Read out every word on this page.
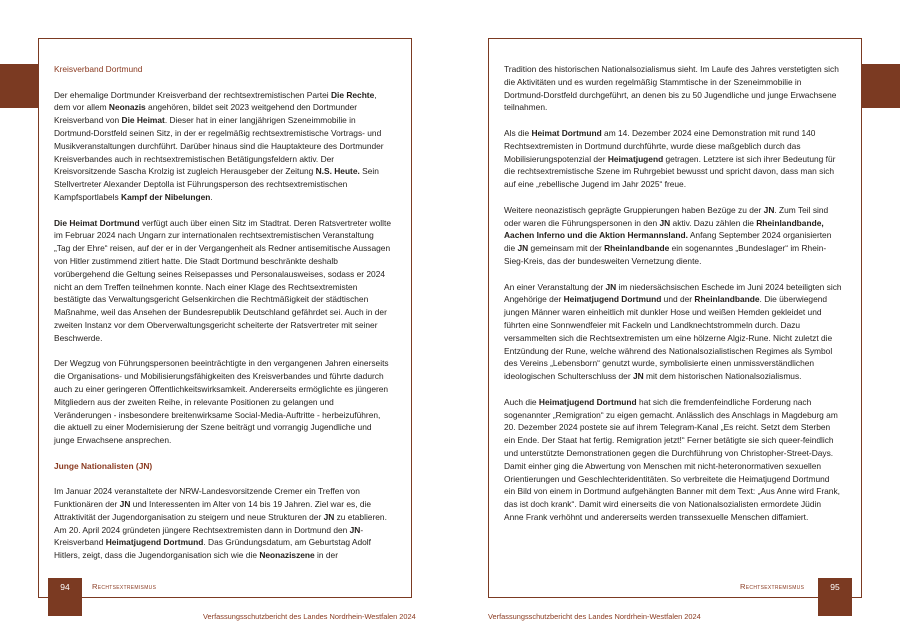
Kreisverband Dortmund

Der ehemalige Dortmunder Kreisverband der rechtsextremistischen Partei Die Rechte, dem vor allem Neonazis angehören, bildet seit 2023 weitgehend den Dortmunder Kreisverband von Die Heimat. Dieser hat in einer langjährigen Szeneimmobilie in Dortmund-Dorstfeld seinen Sitz, in der er regelmäßig rechtsextremistische Vortrags- und Musikveranstaltungen durchführt. Darüber hinaus sind die Hauptakteure des Dortmunder Kreisverbandes auch in rechtsextremistischen Betätigungsfeldern aktiv. Der Kreisvorsitzende Sascha Krolzig ist zugleich Herausgeber der Zeitung N.S. Heute. Sein Stellvertreter Alexander Deptolla ist Führungsperson des rechtsextremistischen Kampfsportlabels Kampf der Nibelungen.

Die Heimat Dortmund verfügt auch über einen Sitz im Stadtrat. Deren Ratsvertreter wollte im Februar 2024 nach Ungarn zur internationalen rechtsextremistischen Veranstaltung „Tag der Ehre“ reisen, auf der er in der Vergangenheit als Redner antisemitische Aussagen von Hitler zustimmend zitiert hatte. Die Stadt Dortmund beschränkte deshalb vorübergehend die Geltung seines Reisepasses und Personalausweises, sodass er 2024 nicht an dem Treffen teilnehmen konnte. Nach einer Klage des Rechtsextremisten bestätigte das Verwaltungsgericht Gelsenkirchen die Rechtmäßigkeit der städtischen Maßnahme, weil das Ansehen der Bundesrepublik Deutschland gefährdet sei. Auch in der zweiten Instanz vor dem Oberverwaltungsgericht scheiterte der Ratsvertreter mit seiner Beschwerde.

Der Wegzug von Führungspersonen beeinträchtigte in den vergangenen Jahren einerseits die Organisations- und Mobilisierungsfähigkeiten des Kreisverbandes und führte dadurch auch zu einer geringeren Öffentlichkeitswirksamkeit. Andererseits ermöglichte es jüngeren Mitgliedern aus der zweiten Reihe, in relevante Positionen zu gelangen und Veränderungen - insbesondere breitenwirksame Social-Media-Auftritte - herbeizuführen, die aktuell zu einer Modernisierung der Szene beiträgt und vorrangig Jugendliche und junge Erwachsene ansprechen.

Junge Nationalisten (JN)

Im Januar 2024 veranstaltete der NRW-Landesvorsitzende Cremer ein Treffen von Funktionären der JN und Interessenten im Alter von 14 bis 19 Jahren. Ziel war es, die Attraktivität der Jugendorganisation zu steigern und neue Strukturen der JN zu etablieren. Am 20. April 2024 gründeten jüngere Rechtsextremisten dann in Dortmund den JN-Kreisverband Heimatjugend Dortmund. Das Gründungsdatum, am Geburtstag Adolf Hitlers, zeigt, dass die Jugendorganisation sich wie die Neonaziszene in der

Tradition des historischen Nationalsozialismus sieht. Im Laufe des Jahres verstetigten sich die Aktivitäten und es wurden regelmäßig Stammtische in der Szeneimmobilie in Dortmund-Dorstfeld durchgeführt, an denen bis zu 50 Jugendliche und junge Erwachsene teilnahmen.

Als die Heimat Dortmund am 14. Dezember 2024 eine Demonstration mit rund 140 Rechtsextremisten in Dortmund durchführte, wurde diese maßgeblich durch das Mobilisierungspotenzial der Heimatjugend getragen. Letztere ist sich ihrer Bedeutung für die rechtsextremistische Szene im Ruhrgebiet bewusst und spricht davon, dass man sich auf eine „rebellische Jugend im Jahr 2025“ freue.

Weitere neonazistisch geprägte Gruppierungen haben Bezüge zu der JN. Zum Teil sind oder waren die Führungspersonen in den JN aktiv. Dazu zählen die Rheinlandbande, Aachen Inferno und die Aktion Hermannsland. Anfang September 2024 organisierten die JN gemeinsam mit der Rheinlandbande ein sogenanntes „Bundeslager“ im Rhein-Sieg-Kreis, das der bundesweiten Vernetzung diente.

An einer Veranstaltung der JN im niedersächsischen Eschede im Juni 2024 beteiligten sich Angehörige der Heimatjugend Dortmund und der Rheinlandbande. Die überwiegend jungen Männer waren einheitlich mit dunkler Hose und weißen Hemden gekleidet und führten eine Sonnwendfeier mit Fackeln und Landknechtstrommeln durch. Dazu versammelten sich die Rechtsextremisten um eine hölzerne Algiz-Rune. Nicht zuletzt die Entzündung der Rune, welche während des Nationalsozialistischen Regimes als Symbol des Vereins „Lebensborn“ genutzt wurde, symbolisierte einen unmissverständlichen ideologischen Schulterschluss der JN mit dem historischen Nationalsozialismus.

Auch die Heimatjugend Dortmund hat sich die fremdenfeindliche Forderung nach sogenannter „Remigration“ zu eigen gemacht. Anlässlich des Anschlags in Magdeburg am 20. Dezember 2024 postete sie auf ihrem Telegram-Kanal „Es reicht. Setzt dem Sterben ein Ende. Der Staat hat fertig. Remigration jetzt!“ Ferner betätigte sie sich queer-feindlich und unterstützte Demonstrationen gegen die Durchführung von Christopher-Street-Days. Damit einher ging die Abwertung von Menschen mit nicht-heteronormativen sexuellen Orientierungen und Geschlechteridentitäten. So verbreitete die Heimatjugend Dortmund ein Bild von einem in Dortmund aufgehängten Banner mit dem Text: „Aus Anne wird Frank, das ist doch krank“. Damit wird einerseits die von Nationalsozialisten ermordete Jüdin Anne Frank verhöhnt und andererseits werden transsexuelle Menschen diffamiert.

94	Rechtsextremismus	Rechtsextremismus	95
Verfassungsschutzbericht des Landes Nordrhein-Westfalen 2024	Verfassungsschutzbericht des Landes Nordrhein-Westfalen 2024
